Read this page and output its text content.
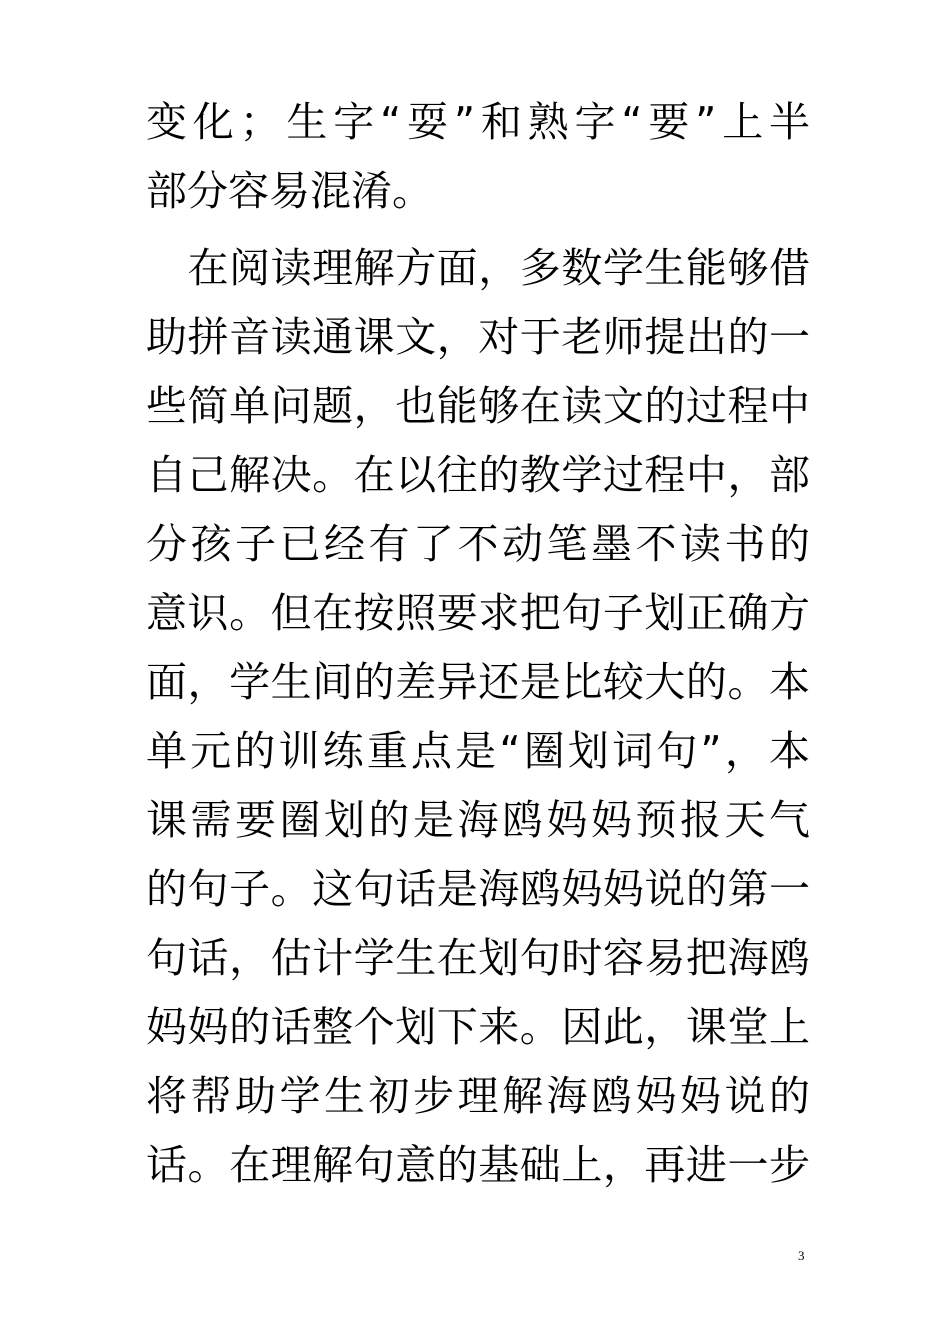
变化；生字“耍”和熟字“要”上半
部分容易混淆。
　在阅读理解方面，多数学生能够借
助拼音读通课文，对于老师提出的一
些简单问题，也能够在读文的过程中
自己解决。在以往的教学过程中，部
分孩子已经有了不动笔墨不读书的
意识。但在按照要求把句子划正确方
面，学生间的差异还是比较大的。本
单元的训练重点是“圈划词句”，本
课需要圈划的是海鸥妈妈预报天气
的句子。这句话是海鸥妈妈说的第一
句话，估计学生在划句时容易把海鸥
妈妈的话整个划下来。因此，课堂上
将帮助学生初步理解海鸥妈妈说的
话。在理解句意的基础上，再进一步
3
